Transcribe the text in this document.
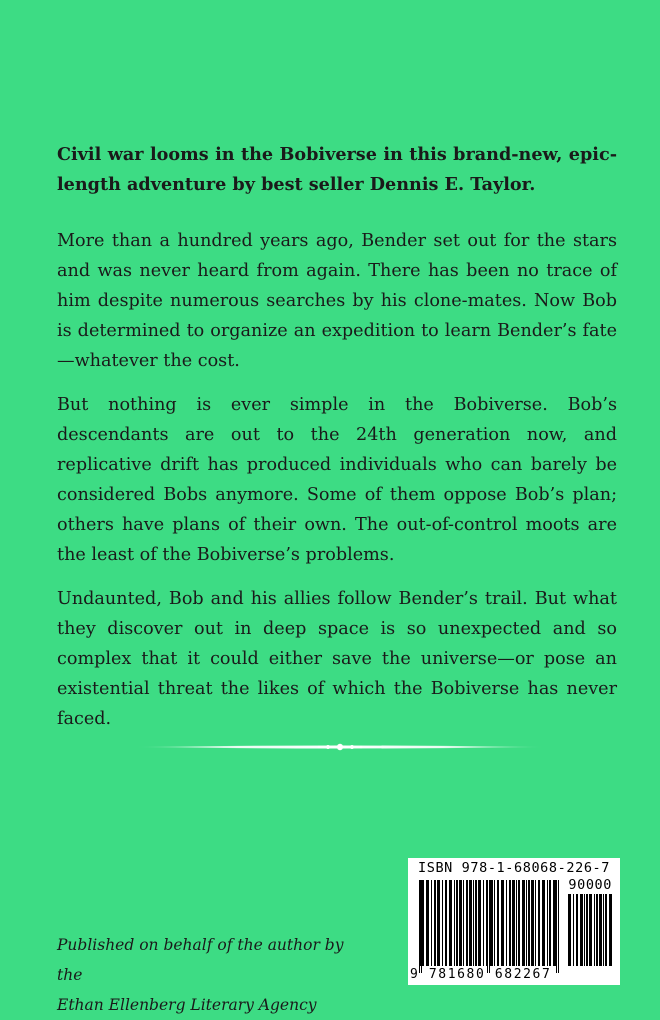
Civil war looms in the Bobiverse in this brand-new, epic-length adventure by best seller Dennis E. Taylor.

More than a hundred years ago, Bender set out for the stars and was never heard from again. There has been no trace of him despite numerous searches by his clone-mates. Now Bob is determined to organize an expedition to learn Bender’s fate—whatever the cost.

But nothing is ever simple in the Bobiverse. Bob’s descendants are out to the 24th generation now, and replicative drift has produced individuals who can barely be considered Bobs anymore. Some of them oppose Bob’s plan; others have plans of their own. The out-of-control moots are the least of the Bobiverse’s problems.

Undaunted, Bob and his allies follow Bender’s trail. But what they discover out in deep space is so unexpected and so complex that it could either save the universe—or pose an existential threat the likes of which the Bobiverse has never faced.

Published on behalf of the author by the
Ethan Ellenberg Literary Agency
ISBN 978-1-68068-226-7
90000
9 781680 682267
